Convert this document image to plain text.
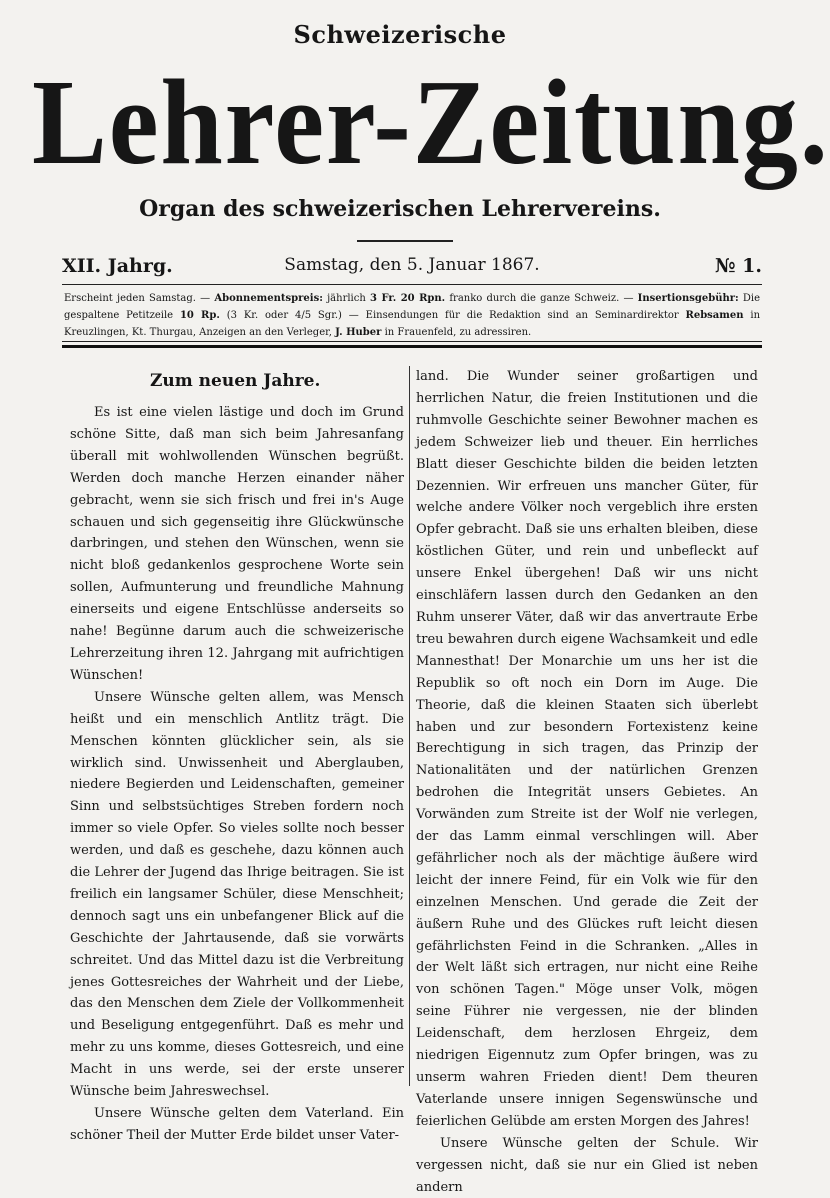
Schweizerische
Lehrer-Zeitung.
Organ des schweizerischen Lehrervereins.
XII. Jahrg.	Samstag, den 5. Januar 1867.	№ 1.

Erscheint jeden Samstag. — Abonnementspreis: jährlich 3 Fr. 20 Rpn. franko durch die ganze Schweiz. — Insertionsgebühr: Die gespaltene Petitzeile 10 Rp. (3 Kr. oder 4/5 Sgr.) — Einsendungen für die Redaktion sind an Seminardirektor Rebsamen in Kreuzlingen, Kt. Thurgau, Anzeigen an den Verleger, J. Huber in Frauenfeld, zu adressiren.

Zum neuen Jahre.

Es ist eine vielen lästige und doch im Grund schöne Sitte, daß man sich beim Jahresanfang überall mit wohlwollenden Wünschen begrüßt. Werden doch manche Herzen einander näher gebracht, wenn sie sich frisch und frei in's Auge schauen und sich gegenseitig ihre Glückwünsche darbringen, und stehen den Wünschen, wenn sie nicht bloß gedankenlos gesprochene Worte sein sollen, Aufmunterung und freundliche Mahnung einerseits und eigene Entschlüsse anderseits so nahe! Begünne darum auch die schweizerische Lehrerzeitung ihren 12. Jahrgang mit aufrichtigen Wünschen!

Unsere Wünsche gelten allem, was Mensch heißt und ein menschlich Antlitz trägt. Die Menschen könnten glücklicher sein, als sie wirklich sind. Unwissenheit und Aberglauben, niedere Begierden und Leidenschaften, gemeiner Sinn und selbstsüchtiges Streben fordern noch immer so viele Opfer. So vieles sollte noch besser werden, und daß es geschehe, dazu können auch die Lehrer der Jugend das Ihrige beitragen. Sie ist freilich ein langsamer Schüler, diese Menschheit; dennoch sagt uns ein unbefangener Blick auf die Geschichte der Jahrtausende, daß sie vorwärts schreitet. Und das Mittel dazu ist die Verbreitung jenes Gottesreiches der Wahrheit und der Liebe, das den Menschen dem Ziele der Vollkommenheit und Beseligung entgegenführt. Daß es mehr und mehr zu uns komme, dieses Gottesreich, und eine Macht in uns werde, sei der erste unserer Wünsche beim Jahreswechsel.

Unsere Wünsche gelten dem Vaterland. Ein schöner Theil der Mutter Erde bildet unser Vater-

land. Die Wunder seiner großartigen und herrlichen Natur, die freien Institutionen und die ruhmvolle Geschichte seiner Bewohner machen es jedem Schweizer lieb und theuer. Ein herrliches Blatt dieser Geschichte bilden die beiden letzten Dezennien. Wir erfreuen uns mancher Güter, für welche andere Völker noch vergeblich ihre ersten Opfer gebracht. Daß sie uns erhalten bleiben, diese köstlichen Güter, und rein und unbefleckt auf unsere Enkel übergehen! Daß wir uns nicht einschläfern lassen durch den Gedanken an den Ruhm unserer Väter, daß wir das anvertraute Erbe treu bewahren durch eigene Wachsamkeit und edle Mannesthat! Der Monarchie um uns her ist die Republik so oft noch ein Dorn im Auge. Die Theorie, daß die kleinen Staaten sich überlebt haben und zur besondern Fortexistenz keine Berechtigung in sich tragen, das Prinzip der Nationalitäten und der natürlichen Grenzen bedrohen die Integrität unsers Gebietes. An Vorwänden zum Streite ist der Wolf nie verlegen, der das Lamm einmal verschlingen will. Aber gefährlicher noch als der mächtige äußere wird leicht der innere Feind, für ein Volk wie für den einzelnen Menschen. Und gerade die Zeit der äußern Ruhe und des Glückes ruft leicht diesen gefährlichsten Feind in die Schranken. „Alles in der Welt läßt sich ertragen, nur nicht eine Reihe von schönen Tagen." Möge unser Volk, mögen seine Führer nie vergessen, nie der blinden Leidenschaft, dem herzlosen Ehrgeiz, dem niedrigen Eigennutz zum Opfer bringen, was zu unserm wahren Frieden dient! Dem theuren Vaterlande unsere innigen Segenswünsche und feierlichen Gelübde am ersten Morgen des Jahres!

Unsere Wünsche gelten der Schule. Wir vergessen nicht, daß sie nur ein Glied ist neben andern
